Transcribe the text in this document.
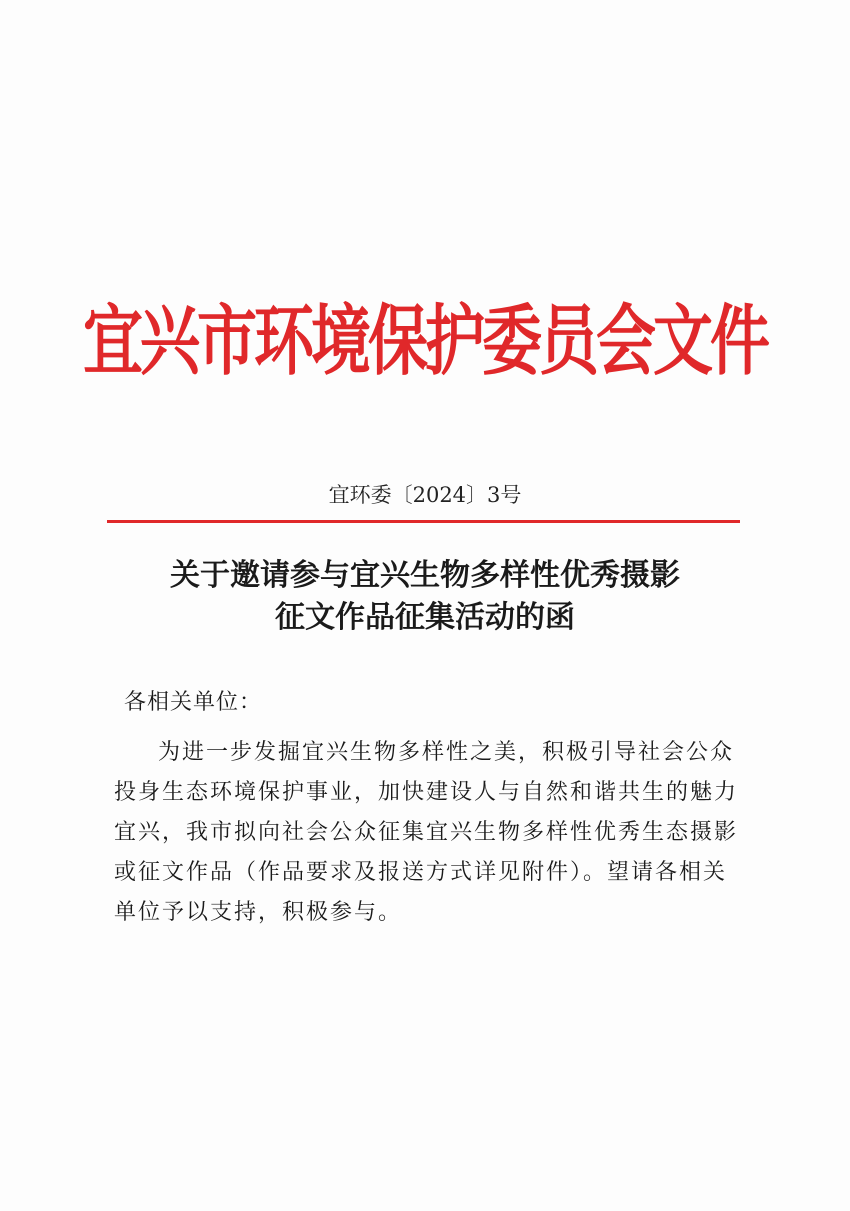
宜兴市环境保护委员会文件
宜环委〔2024〕3号
关于邀请参与宜兴生物多样性优秀摄影
征文作品征集活动的函
各相关单位：
为进一步发掘宜兴生物多样性之美，积极引导社会公众
投身生态环境保护事业，加快建设人与自然和谐共生的魅力
宜兴，我市拟向社会公众征集宜兴生物多样性优秀生态摄影
或征文作品（作品要求及报送方式详见附件）。望请各相关
单位予以支持，积极参与。
